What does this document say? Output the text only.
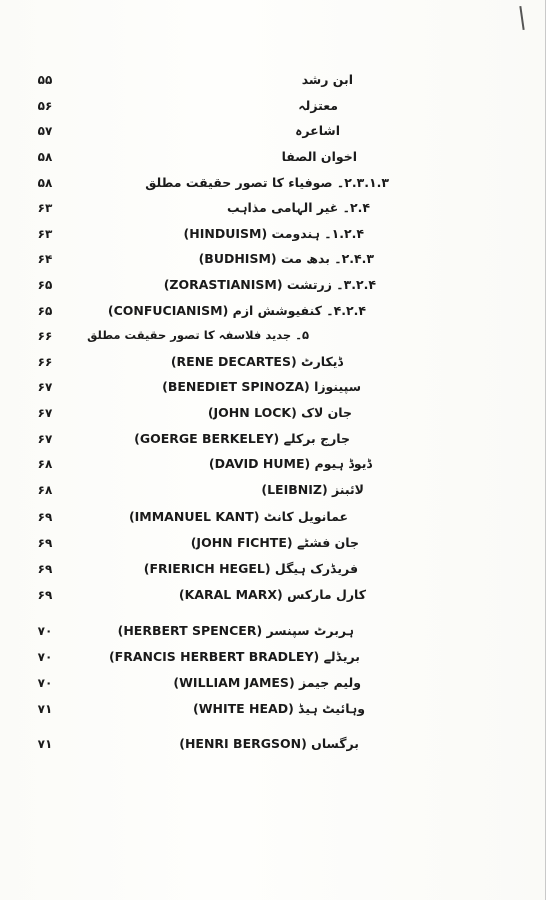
۵۵	ابن رشد
۵۶	معتزلہ
۵۷	اشاعرہ
۵۸	اخوان الصفا
۵۸	۲.۳.۱.۳۔ صوفیاء کا تصور حقیقت مطلق
۶۳	۲.۴۔ غیر الہامی مذاہب
۶۳	۱.۲.۴۔ ہندومت (HINDUISM)
۶۴	۲.۴.۳۔ بدھ مت (BUDHISM)
۶۵	۳.۲.۴۔ زرتشت (ZORASTIANISM)
۶۵	۴.۲.۴۔ کنفیوشش ازم (CONFUCIANISM)
۶۶	۵۔ جدید فلاسفہ کا تصور حقیقت مطلق
۶۶	ڈیکارٹ (RENE DECARTES)
۶۷	سپینوزا (BENEDIET SPINOZA)
۶۷	جان لاک (JOHN LOCK)
۶۷	جارج برکلے (GOERGE BERKELEY)
۶۸	ڈیوڈ ہیوم (DAVID HUME)
۶۸	لائبنز (LEIBNIZ)
۶۹	عمانویل کانٹ (IMMANUEL KANT)
۶۹	جان فشٹے (JOHN FICHTE)
۶۹	فریڈرک ہیگل (FRIERICH HEGEL)
۶۹	کارل مارکس (KARAL MARX)
۷۰	ہربرٹ سپنسر (HERBERT SPENCER)
۷۰	بریڈلے (FRANCIS HERBERT BRADLEY)
۷۰	ولیم جیمز (WILLIAM JAMES)
۷۱	وہائیٹ ہیڈ (WHITE HEAD)
۷۱	برگساں (HENRI BERGSON)
